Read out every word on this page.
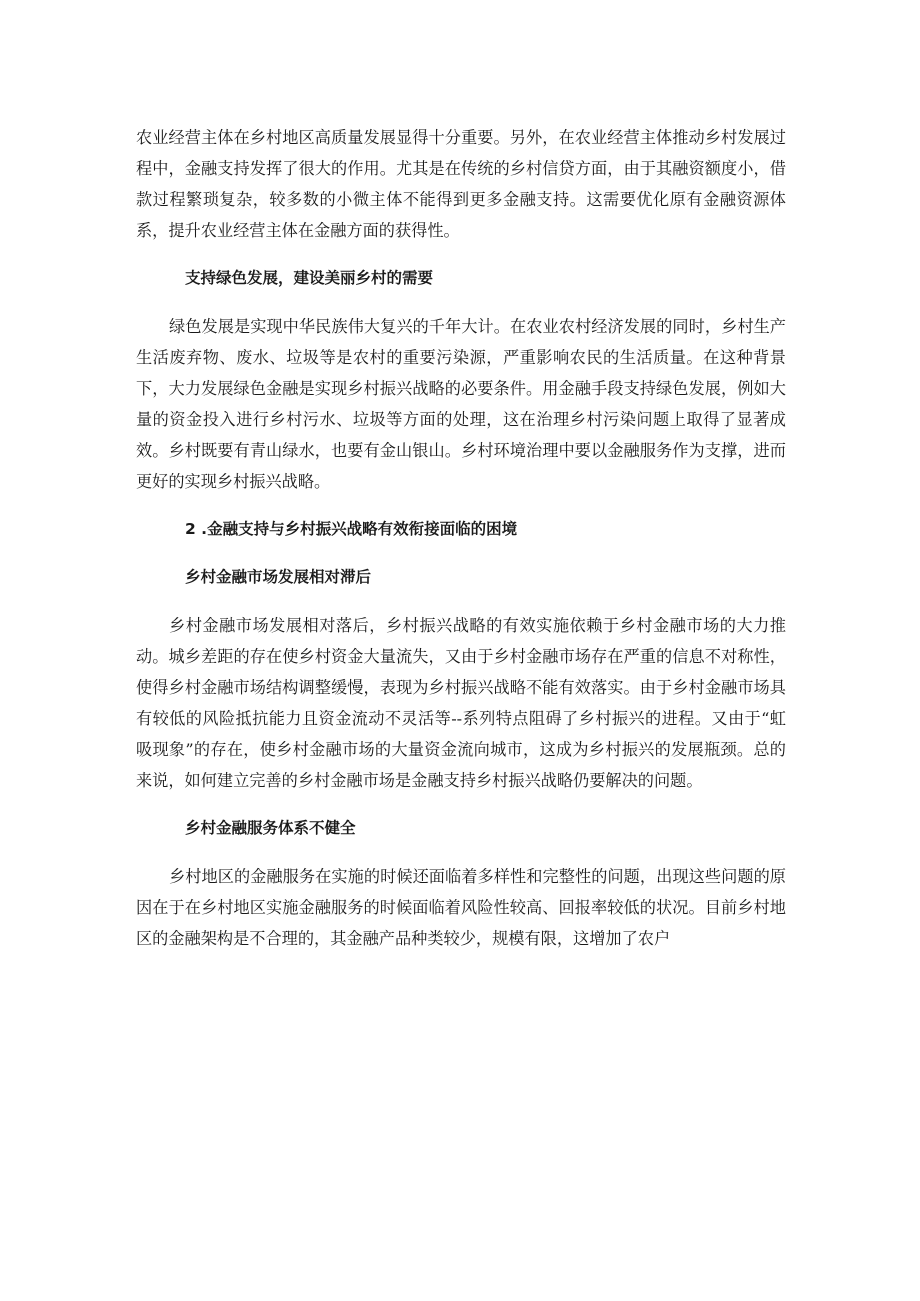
农业经营主体在乡村地区高质量发展显得十分重要。另外，在农业经营主体推动乡村发展过程中，金融支持发挥了很大的作用。尤其是在传统的乡村信贷方面，由于其融资额度小，借款过程繁琐复杂，较多数的小微主体不能得到更多金融支持。这需要优化原有金融资源体系，提升农业经营主体在金融方面的获得性。

支持绿色发展，建设美丽乡村的需要

绿色发展是实现中华民族伟大复兴的千年大计。在农业农村经济发展的同时，乡村生产生活废弃物、废水、垃圾等是农村的重要污染源，严重影响农民的生活质量。在这种背景下，大力发展绿色金融是实现乡村振兴战略的必要条件。用金融手段支持绿色发展，例如大量的资金投入进行乡村污水、垃圾等方面的处理，这在治理乡村污染问题上取得了显著成效。乡村既要有青山绿水，也要有金山银山。乡村环境治理中要以金融服务作为支撑，进而更好的实现乡村振兴战略。

2 .金融支持与乡村振兴战略有效衔接面临的困境

乡村金融市场发展相对滞后

乡村金融市场发展相对落后，乡村振兴战略的有效实施依赖于乡村金融市场的大力推动。城乡差距的存在使乡村资金大量流失，又由于乡村金融市场存在严重的信息不对称性，使得乡村金融市场结构调整缓慢，表现为乡村振兴战略不能有效落实。由于乡村金融市场具有较低的风险抵抗能力且资金流动不灵活等--系列特点阻碍了乡村振兴的进程。又由于“虹吸现象”的存在，使乡村金融市场的大量资金流向城市，这成为乡村振兴的发展瓶颈。总的来说，如何建立完善的乡村金融市场是金融支持乡村振兴战略仍要解决的问题。

乡村金融服务体系不健全

乡村地区的金融服务在实施的时候还面临着多样性和完整性的问题，出现这些问题的原因在于在乡村地区实施金融服务的时候面临着风险性较高、回报率较低的状况。目前乡村地区的金融架构是不合理的，其金融产品种类较少，规模有限，这增加了农户
